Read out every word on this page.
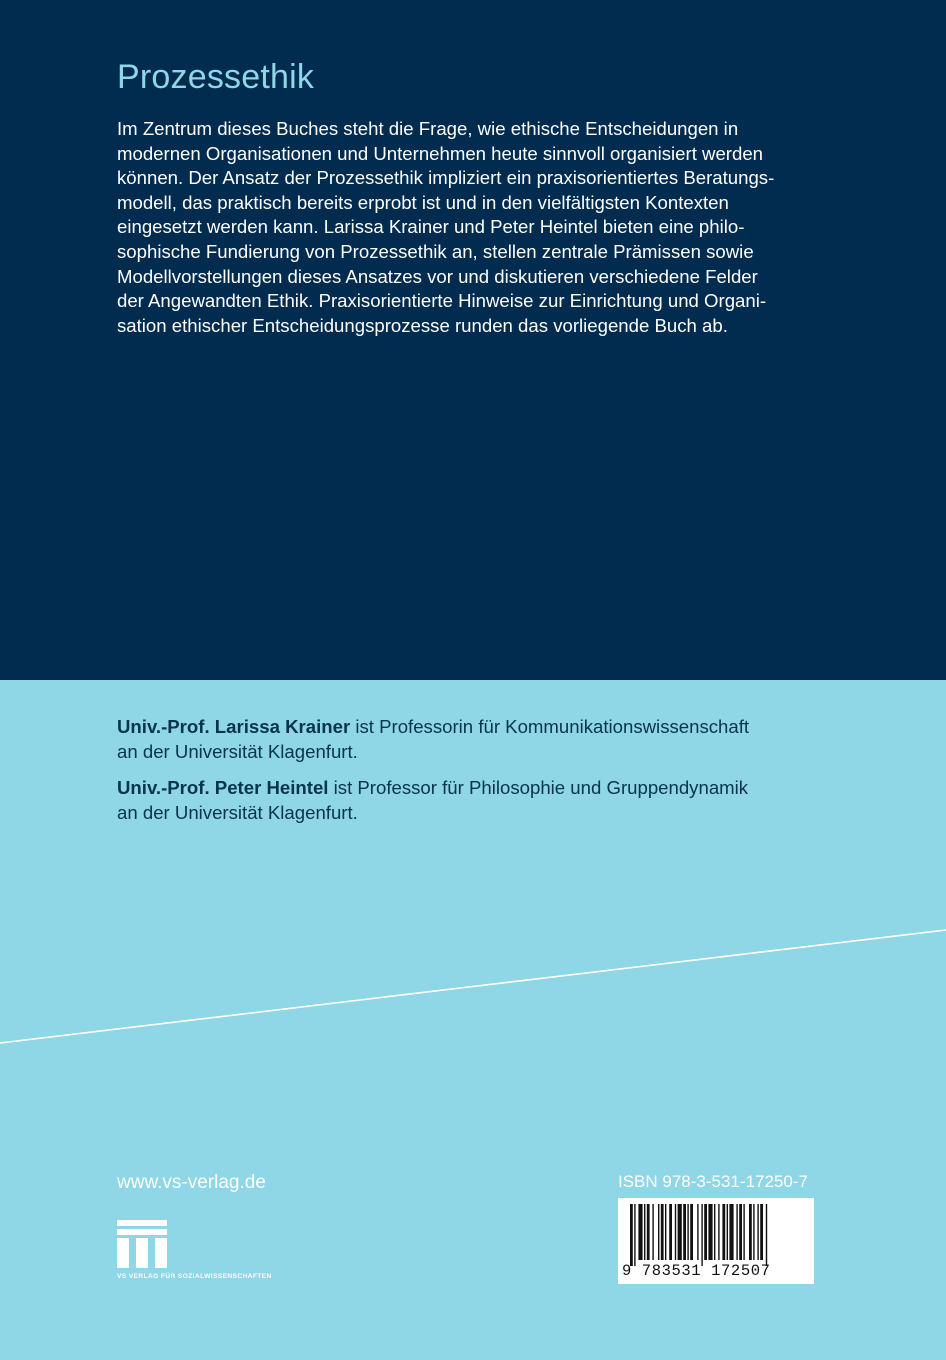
Prozessethik
Im Zentrum dieses Buches steht die Frage, wie ethische Entscheidungen in
modernen Organisationen und Unternehmen heute sinnvoll organisiert werden
können. Der Ansatz der Prozessethik impliziert ein praxisorientiertes Beratungs-
modell, das praktisch bereits erprobt ist und in den vielfältigsten Kontexten
eingesetzt werden kann. Larissa Krainer und Peter Heintel bieten eine philo-
sophische Fundierung von Prozessethik an, stellen zentrale Prämissen sowie
Modellvorstellungen dieses Ansatzes vor und diskutieren verschiedene Felder
der Angewandten Ethik. Praxisorientierte Hinweise zur Einrichtung und Organi-
sation ethischer Entscheidungsprozesse runden das vorliegende Buch ab.
Univ.-Prof. Larissa Krainer ist Professorin für Kommunikationswissenschaft
an der Universität Klagenfurt.
Univ.-Prof. Peter Heintel ist Professor für Philosophie und Gruppendynamik
an der Universität Klagenfurt.
www.vs-verlag.de
VS VERLAG FÜR SOZIALWISSENSCHAFTEN
ISBN 978-3-531-17250-7
9 783531 172507
